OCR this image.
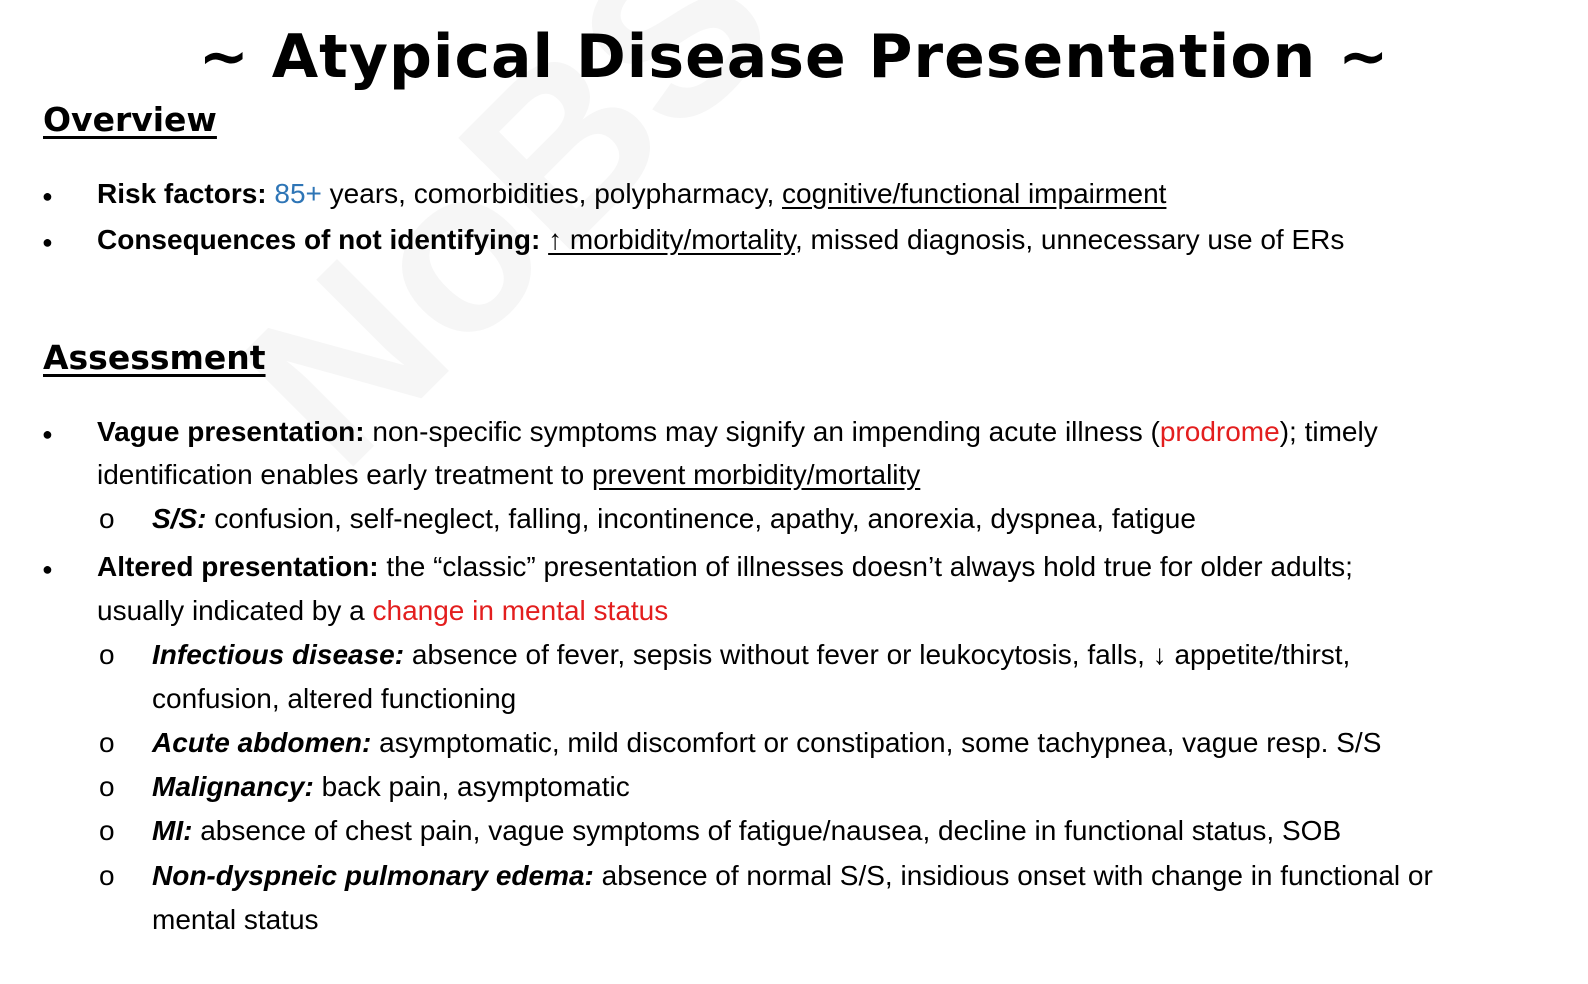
~ Atypical Disease Presentation ~
Overview
● Risk factors: 85+ years, comorbidities, polypharmacy, cognitive/functional impairment
● Consequences of not identifying: ↑ morbidity/mortality, missed diagnosis, unnecessary use of ERs
Assessment
● Vague presentation: non-specific symptoms may signify an impending acute illness (prodrome); timely
identification enables early treatment to prevent morbidity/mortality
o S/S: confusion, self-neglect, falling, incontinence, apathy, anorexia, dyspnea, fatigue
● Altered presentation: the “classic” presentation of illnesses doesn’t always hold true for older adults;
usually indicated by a change in mental status
o Infectious disease: absence of fever, sepsis without fever or leukocytosis, falls, ↓ appetite/thirst,
confusion, altered functioning
o Acute abdomen: asymptomatic, mild discomfort or constipation, some tachypnea, vague resp. S/S
o Malignancy: back pain, asymptomatic
o MI: absence of chest pain, vague symptoms of fatigue/nausea, decline in functional status, SOB
o Non-dyspneic pulmonary edema: absence of normal S/S, insidious onset with change in functional or
mental status
